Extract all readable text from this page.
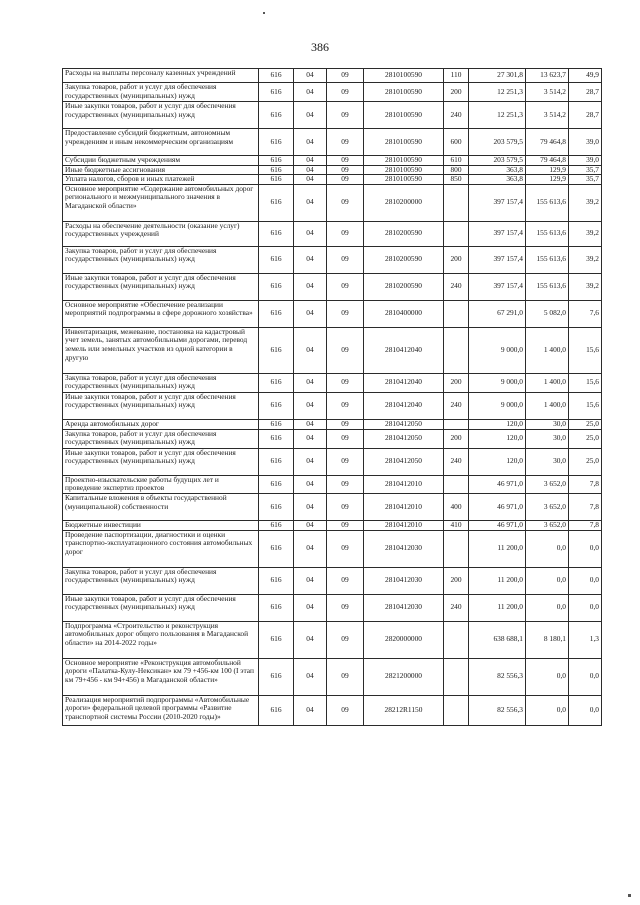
386
Расходы на выплаты персоналу казенных учреждений	616	04	09	2810100590	110	27 301,8	13 623,7	49,9
Закупка товаров, работ и услуг для обеспечения государственных (муниципальных) нужд	616	04	09	2810100590	200	12 251,3	3 514,2	28,7
Иные закупки товаров, работ и услуг для обеспечения государственных (муниципальных) нужд	616	04	09	2810100590	240	12 251,3	3 514,2	28,7
Предоставление субсидий бюджетным, автономным учреждениям и иным некоммерческим организациям	616	04	09	2810100590	600	203 579,5	79 464,8	39,0
Субсидии бюджетным учреждениям	616	04	09	2810100590	610	203 579,5	79 464,8	39,0
Иные бюджетные ассигнования	616	04	09	2810100590	800	363,8	129,9	35,7
Уплата налогов, сборов и иных платежей	616	04	09	2810100590	850	363,8	129,9	35,7
Основное мероприятие «Содержание автомобильных дорог регионального и межмуниципального значения в Магаданской области»	616	04	09	2810200000		397 157,4	155 613,6	39,2
Расходы на обеспечение деятельности (оказание услуг) государственных учреждений	616	04	09	2810200590		397 157,4	155 613,6	39,2
Закупка товаров, работ и услуг для обеспечения государственных (муниципальных) нужд	616	04	09	2810200590	200	397 157,4	155 613,6	39,2
Иные закупки товаров, работ и услуг для обеспечения государственных (муниципальных) нужд	616	04	09	2810200590	240	397 157,4	155 613,6	39,2
Основное мероприятие «Обеспечение реализации мероприятий подпрограммы в сфере дорожного хозяйства»	616	04	09	2810400000		67 291,0	5 082,0	7,6
Инвентаризация, межевание, постановка на кадастровый учет земель, занятых автомобильными дорогами, перевод земель или земельных участков из одной категории в другую	616	04	09	2810412040		9 000,0	1 400,0	15,6
Закупка товаров, работ и услуг для обеспечения государственных (муниципальных) нужд	616	04	09	2810412040	200	9 000,0	1 400,0	15,6
Иные закупки товаров, работ и услуг для обеспечения государственных (муниципальных) нужд	616	04	09	2810412040	240	9 000,0	1 400,0	15,6
Аренда автомобильных дорог	616	04	09	2810412050		120,0	30,0	25,0
Закупка товаров, работ и услуг для обеспечения государственных (муниципальных) нужд	616	04	09	2810412050	200	120,0	30,0	25,0
Иные закупки товаров, работ и услуг для обеспечения государственных (муниципальных) нужд	616	04	09	2810412050	240	120,0	30,0	25,0
Проектно-изыскательские работы будущих лет и проведение экспертиз проектов	616	04	09	2810412010		46 971,0	3 652,0	7,8
Капитальные вложения в объекты государственной (муниципальной) собственности	616	04	09	2810412010	400	46 971,0	3 652,0	7,8
Бюджетные инвестиции	616	04	09	2810412010	410	46 971,0	3 652,0	7,8
Проведение паспортизации, диагностики и оценки транспортно-эксплуатационного состояния автомобильных дорог	616	04	09	2810412030		11 200,0	0,0	0,0
Закупка товаров, работ и услуг для обеспечения государственных (муниципальных) нужд	616	04	09	2810412030	200	11 200,0	0,0	0,0
Иные закупки товаров, работ и услуг для обеспечения государственных (муниципальных) нужд	616	04	09	2810412030	240	11 200,0	0,0	0,0
Подпрограмма «Строительство и реконструкция автомобильных дорог общего пользования в Магаданской области» на 2014-2022 годы»	616	04	09	2820000000		638 688,1	8 180,1	1,3
Основное мероприятие «Реконструкция автомобильной дороги «Палатка-Кулу-Нексикан» км 79 +456-км 100 (I этап км 79+456 - км 94+456) в Магаданской области»	616	04	09	2821200000		82 556,3	0,0	0,0
Реализация мероприятий подпрограммы «Автомобильные дороги» федеральной целевой программы «Развитие транспортной системы России (2010-2020 годы)»	616	04	09	28212R1150		82 556,3	0,0	0,0
